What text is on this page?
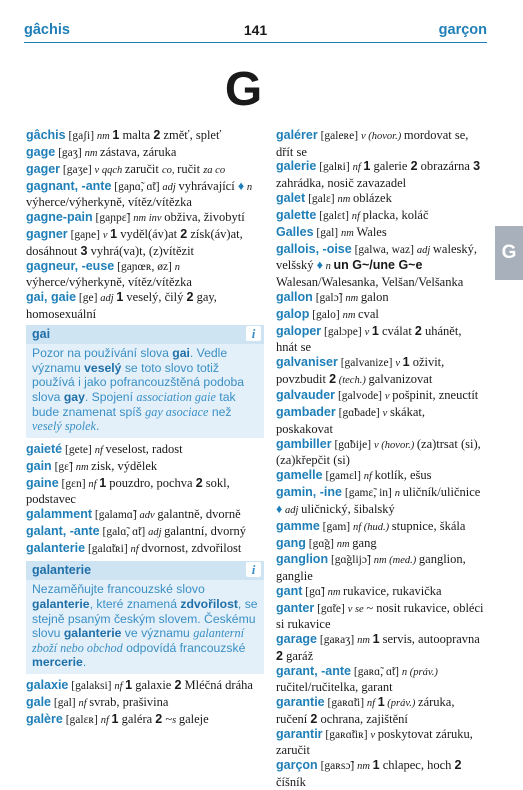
gâchis	141	garçon
G
G
gâchis [gaʃi] nm 1 malta 2 změť, spleť
gage [gaʒ] nm zástava, záruka
gager [gaʒe] v qqch zaručit co, ručit za co
gagnant, -ante [gaɲɑ̃, ɑ̃t] adj vyhrávající ♦ n výherce/výherkyně, vítěz/vítězka
gagne-pain [gaɲpɛ̃] nm inv obživa, živobytí
gagner [gaɲe] v 1 vyděl(áv)at 2 získ(áv)at, dosáhnout 3 vyhrá(va)t, (z)vítězit
gagneur, -euse [gaɲœʀ, øz] n výherce/výherkyně, vítěz/vítězka
gai, gaie [ge] adj 1 veselý, čilý 2 gay, homosexuální
gai	i
Pozor na používání slova gai. Vedle významu veselý se toto slovo totiž používá i jako pofrancouzštěná podoba slova gay. Spojení association gaie tak bude znamenat spíš gay asociace než veselý spolek.
gaieté [gete] nf veselost, radost
gain [gɛ̃] nm zisk, výdělek
gaine [gɛn] nf 1 pouzdro, pochva 2 sokl, podstavec
galamment [galamɑ̃] adv galantně, dvorně
galant, -ante [galɑ̃, ɑ̃t] adj galantní, dvorný
galanterie [galɑ̃tʀi] nf dvornost, zdvořilost
galanterie	i
Nezaměňujte francouzské slovo galanterie, které znamená zdvořilost, se stejně psaným českým slovem. Českému slovu galanterie ve významu galanterní zboží nebo obchod odpovídá francouzské mercerie.
galaxie [galaksi] nf 1 galaxie 2 Mléčná dráha
gale [gal] nf svrab, prašivina
galère [galɛʀ] nf 1 galéra 2 ~s galeje
galérer [galeʀe] v (hovor.) mordovat se, dřít se
galerie [galʀi] nf 1 galerie 2 obrazárna 3 zahrádka, nosič zavazadel
galet [galɛ] nm oblázek
galette [galɛt] nf placka, koláč
Galles [gal] nm Wales
gallois, -oise [galwa, waz] adj waleský, velšský ♦ n un G~/une G~e Walesan/Walesanka, Velšan/Velšanka
gallon [galɔ̃] nm galon
galop [galo] nm cval
galoper [galɔpe] v 1 cválat 2 uhánět, hnát se
galvaniser [galvanize] v 1 oživit, povzbudit 2 (tech.) galvanizovat
galvauder [galvode] v pošpinit, zneuctít
gambader [gɑ̃bade] v skákat, poskakovat
gambiller [gɑ̃bije] v (hovor.) (za)trsat (si), (za)křepčit (si)
gamelle [gamɛl] nf kotlík, ešus
gamin, -ine [gamɛ̃, in] n uličník/uličnice ♦ adj uličnický, šibalský
gamme [gam] nf (hud.) stupnice, škála
gang [gɑ̃g] nm gang
ganglion [gɑ̃glijɔ̃] nm (med.) ganglion, ganglie
gant [gɑ̃] nm rukavice, rukavička
ganter [gɑ̃te] v se ~ nosit rukavice, obléci si rukavice
garage [gaʀaʒ] nm 1 servis, autoopravna 2 garáž
garant, -ante [gaʀɑ̃, ɑ̃t] n (práv.) ručitel/ručitelka, garant
garantie [gaʀɑ̃ti] nf 1 (práv.) záruka, ručení 2 ochrana, zajištění
garantir [gaʀɑ̃tiʀ] v poskytovat záruku, zaručit
garçon [gaʀsɔ̃] nm 1 chlapec, hoch 2 číšník
